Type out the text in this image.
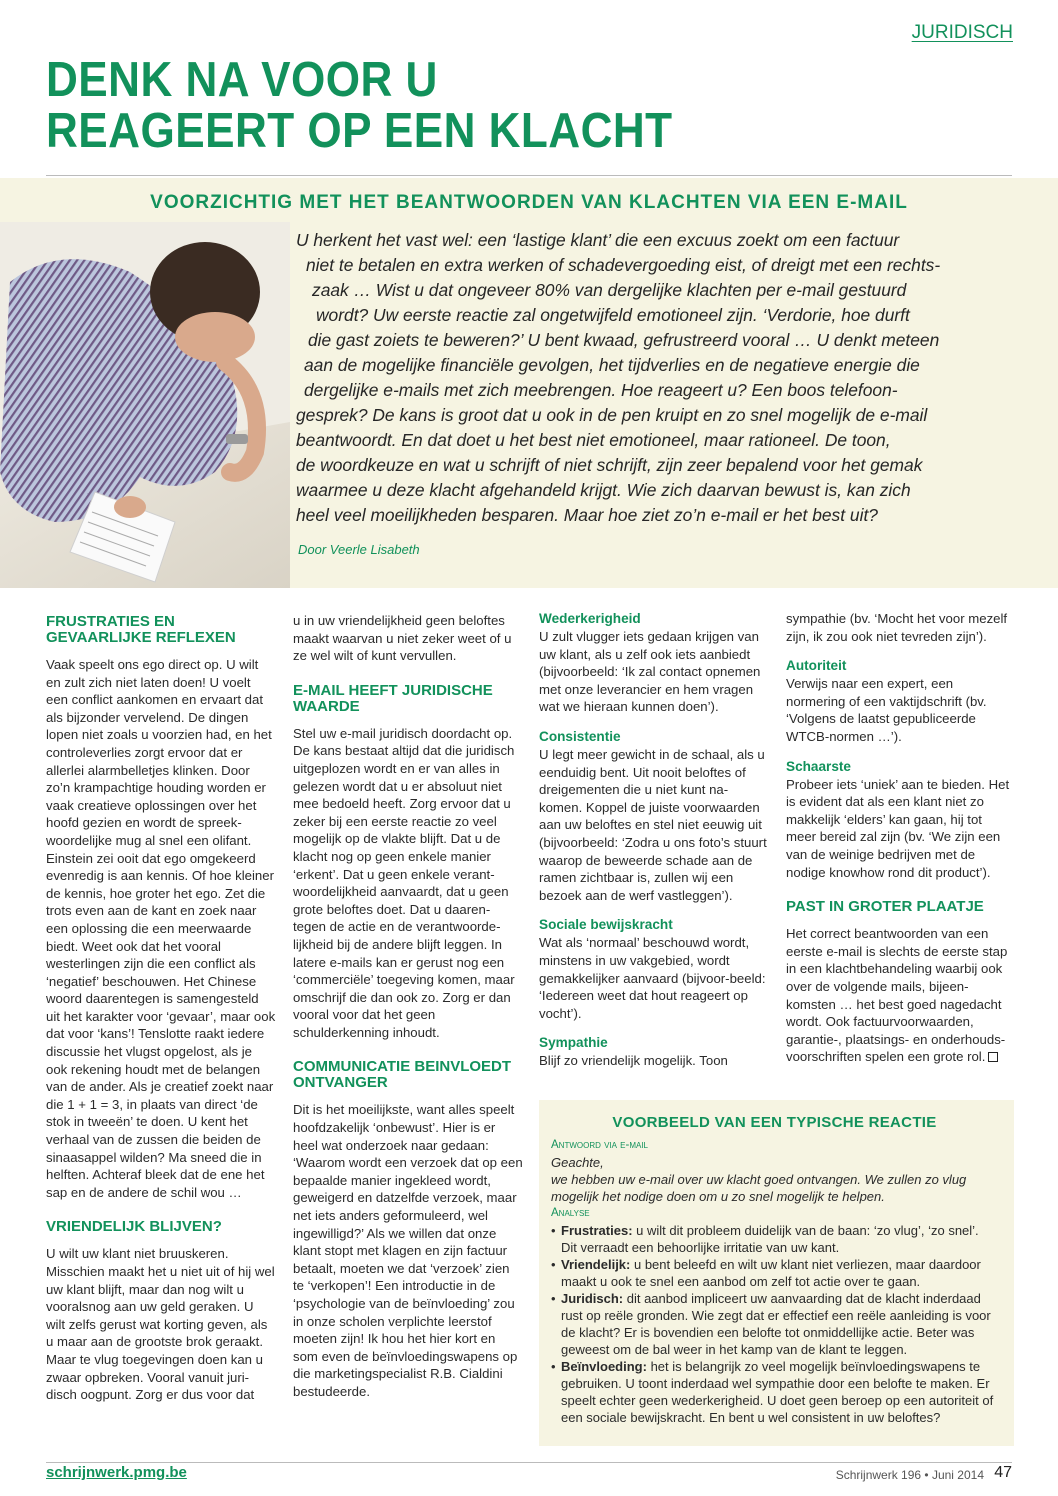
JURIDISCH
DENK NA VOOR U
REAGEERT OP EEN KLACHT
VOORZICHTIG MET HET BEANTWOORDEN VAN KLACHTEN VIA EEN E-MAIL
U herkent het vast wel: een ‘lastige klant’ die een excuus zoekt om een factuur
niet te betalen en extra werken of schadevergoeding eist, of dreigt met een rechts-
zaak … Wist u dat ongeveer 80% van dergelijke klachten per e-mail gestuurd
wordt? Uw eerste reactie zal ongetwijfeld emotioneel zijn. ‘Verdorie, hoe durft
die gast zoiets te beweren?’ U bent kwaad, gefrustreerd vooral … U denkt meteen
aan de mogelijke financiële gevolgen, het tijdverlies en de negatieve energie die
dergelijke e-mails met zich meebrengen. Hoe reageert u? Een boos telefoon-
gesprek? De kans is groot dat u ook in de pen kruipt en zo snel mogelijk de e-mail
beantwoordt. En dat doet u het best niet emotioneel, maar rationeel. De toon,
de woordkeuze en wat u schrijft of niet schrijft, zijn zeer bepalend voor het gemak
waarmee u deze klacht afgehandeld krijgt. Wie zich daarvan bewust is, kan zich
heel veel moeilijkheden besparen. Maar hoe ziet zo’n e-mail er het best uit?
Door Veerle Lisabeth
FRUSTRATIES EN GEVAARLIJKE REFLEXEN

Vaak speelt ons ego direct op. U wilt en zult zich niet laten doen! U voelt een conflict aankomen en ervaart dat als bijzonder vervelend. De dingen lopen niet zoals u voorzien had, en het controleverlies zorgt ervoor dat er allerlei alarmbelletjes klinken. Door zo’n krampachtige houding worden er vaak creatieve oplossingen over het hoofd gezien en wordt de spreek-woordelijke mug al snel een olifant. Einstein zei ooit dat ego omgekeerd evenredig is aan kennis. Of hoe kleiner de kennis, hoe groter het ego. Zet die trots even aan de kant en zoek naar een oplossing die een meerwaarde biedt. Weet ook dat het vooral westerlingen zijn die een conflict als ‘negatief’ beschouwen. Het Chinese woord daarentegen is samengesteld uit het karakter voor ‘gevaar’, maar ook dat voor ‘kans’! Tenslotte raakt iedere discussie het vlugst opgelost, als je ook rekening houdt met de belangen van de ander. Als je creatief zoekt naar die 1 + 1 = 3, in plaats van direct ‘de stok in tweeën’ te doen. U kent het verhaal van de zussen die beiden de sinaasappel wilden? Ma sneed die in helften. Achteraf bleek dat de ene het sap en de andere de schil wou …

VRIENDELIJK BLIJVEN?

U wilt uw klant niet bruuskeren. Misschien maakt het u niet uit of hij wel uw klant blijft, maar dan nog wilt u vooralsnog aan uw geld geraken. U wilt zelfs gerust wat korting geven, als u maar aan de grootste brok geraakt. Maar te vlug toegevingen doen kan u zwaar opbreken. Vooral vanuit juri-disch oogpunt. Zorg er dus voor dat

u in uw vriendelijkheid geen beloftes maakt waarvan u niet zeker weet of u ze wel wilt of kunt vervullen.

E-MAIL HEEFT JURIDISCHE WAARDE

Stel uw e-mail juridisch doordacht op. De kans bestaat altijd dat die juridisch uitgeplozen wordt en er van alles in gelezen wordt dat u er absoluut niet mee bedoeld heeft. Zorg ervoor dat u zeker bij een eerste reactie zo veel mogelijk op de vlakte blijft. Dat u de klacht nog op geen enkele manier ‘erkent’. Dat u geen enkele verant-woordelijkheid aanvaardt, dat u geen grote beloftes doet. Dat u daaren-tegen de actie en de verantwoorde-lijkheid bij de andere blijft leggen. In latere e-mails kan er gerust nog een ‘commerciële’ toegeving komen, maar omschrijf die dan ook zo. Zorg er dan vooral voor dat het geen schulderkenning inhoudt.

COMMUNICATIE BEINVLOEDT ONTVANGER

Dit is het moeilijkste, want alles speelt hoofdzakelijk ‘onbewust’. Hier is er heel wat onderzoek naar gedaan: ‘Waarom wordt een verzoek dat op een bepaalde manier ingekleed wordt, geweigerd en datzelfde verzoek, maar net iets anders geformuleerd, wel ingewilligd?’ Als we willen dat onze klant stopt met klagen en zijn factuur betaalt, moeten we dat ‘verzoek’ zien te ‘verkopen’! Een introductie in de ‘psychologie van de beïnvloeding’ zou in onze scholen verplichte leerstof moeten zijn! Ik hou het hier kort en som even de beïnvloedingswapens op die marketingspecialist R.B. Cialdini bestudeerde.

Wederkerigheid

U zult vlugger iets gedaan krijgen van uw klant, als u zelf ook iets aanbiedt (bijvoorbeeld: ‘Ik zal contact opnemen met onze leverancier en hem vragen wat we hieraan kunnen doen’).

Consistentie

U legt meer gewicht in de schaal, als u eenduidig bent. Uit nooit beloftes of dreigementen die u niet kunt na-komen. Koppel de juiste voorwaarden aan uw beloftes en stel niet eeuwig uit (bijvoorbeeld: ‘Zodra u ons foto’s stuurt waarop de beweerde schade aan de ramen zichtbaar is, zullen wij een bezoek aan de werf vastleggen’).

Sociale bewijskracht

Wat als ‘normaal’ beschouwd wordt, minstens in uw vakgebied, wordt gemakkelijker aanvaard (bijvoor-beeld: ‘Iedereen weet dat hout reageert op vocht’).

Sympathie

Blijf zo vriendelijk mogelijk. Toon

sympathie (bv. ‘Mocht het voor mezelf zijn, ik zou ook niet tevreden zijn’).

Autoriteit

Verwijs naar een expert, een normering of een vaktijdschrift (bv. ‘Volgens de laatst gepubliceerde WTCB-normen …’).

Schaarste

Probeer iets ‘uniek’ aan te bieden. Het is evident dat als een klant niet zo makkelijk ‘elders’ kan gaan, hij tot meer bereid zal zijn (bv. ‘We zijn een van de weinige bedrijven met de nodige knowhow rond dit product’).

PAST IN GROTER PLAATJE

Het correct beantwoorden van een eerste e-mail is slechts de eerste stap in een klachtbehandeling waarbij ook over de volgende mails, bijeen-komsten … het best goed nagedacht wordt. Ook factuurvoorwaarden, garantie-, plaatsings- en onderhouds-voorschriften spelen een grote rol.

VOORBEELD VAN EEN TYPISCHE REACTIE
Antwoord via e-mail
Geachte,
we hebben uw e-mail over uw klacht goed ontvangen. We zullen zo vlug mogelijk het nodige doen om u zo snel mogelijk te helpen.
Analyse
• Frustraties: u wilt dit probleem duidelijk van de baan: ‘zo vlug’, ‘zo snel’. Dit verraadt een behoorlijke irritatie van uw kant.
• Vriendelijk: u bent beleefd en wilt uw klant niet verliezen, maar daardoor maakt u ook te snel een aanbod om zelf tot actie over te gaan.
• Juridisch: dit aanbod impliceert uw aanvaarding dat de klacht inderdaad rust op reële gronden. Wie zegt dat er effectief een reële aanleiding is voor de klacht? Er is bovendien een belofte tot onmiddellijke actie. Beter was geweest om de bal weer in het kamp van de klant te leggen.
• Beïnvloeding: het is belangrijk zo veel mogelijk beïnvloedingswapens te gebruiken. U toont inderdaad wel sympathie door een belofte te maken. Er speelt echter geen wederkerigheid. U doet geen beroep op een autoriteit of een sociale bewijskracht. En bent u wel consistent in uw beloftes?
schrijnwerk.pmg.be	Schrijnwerk 196 • Juni 2014 47
